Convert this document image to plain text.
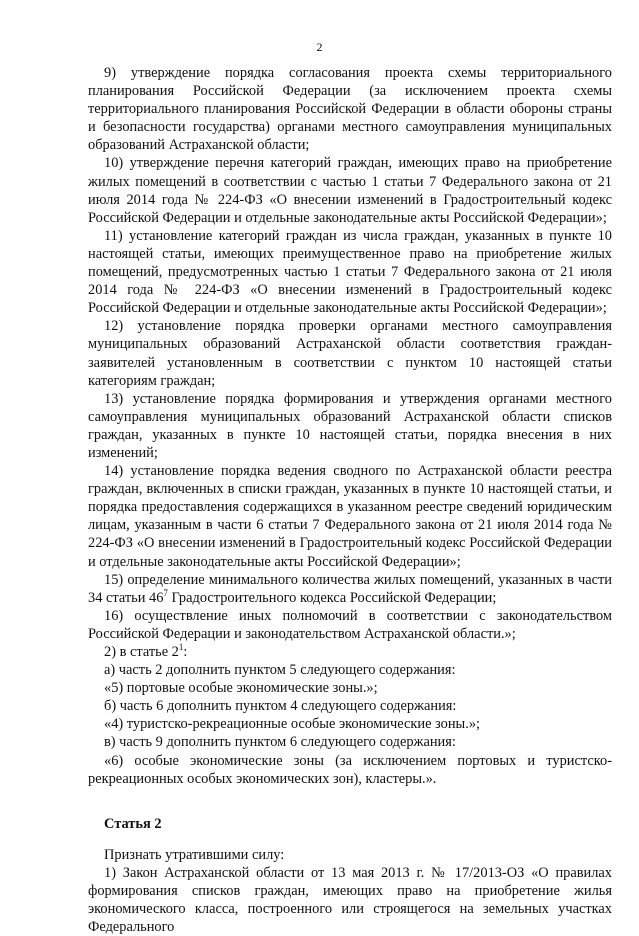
2

9) утверждение порядка согласования проекта схемы территориального планирования Российской Федерации (за исключением проекта схемы территориального планирования Российской Федерации в области обороны страны и безопасности государства) органами местного самоуправления муниципальных образований Астраханской области;

10) утверждение перечня категорий граждан, имеющих право на приобретение жилых помещений в соответствии с частью 1 статьи 7 Федерального закона от 21 июля 2014 года № 224-ФЗ «О внесении изменений в Градостроительный кодекс Российской Федерации и отдельные законодательные акты Российской Федерации»;

11) установление категорий граждан из числа граждан, указанных в пункте 10 настоящей статьи, имеющих преимущественное право на приобретение жилых помещений, предусмотренных частью 1 статьи 7 Федерального закона от 21 июля 2014 года № 224-ФЗ «О внесении изменений в Градостроительный кодекс Российской Федерации и отдельные законодательные акты Российской Федерации»;

12) установление порядка проверки органами местного самоуправления муниципальных образований Астраханской области соответствия граждан-заявителей установленным в соответствии с пунктом 10 настоящей статьи категориям граждан;

13) установление порядка формирования и утверждения органами местного самоуправления муниципальных образований Астраханской области списков граждан, указанных в пункте 10 настоящей статьи, порядка внесения в них изменений;

14) установление порядка ведения сводного по Астраханской области реестра граждан, включенных в списки граждан, указанных в пункте 10 настоящей статьи, и порядка предоставления содержащихся в указанном реестре сведений юридическим лицам, указанным в части 6 статьи 7 Федерального закона от 21 июля 2014 года № 224-ФЗ «О внесении изменений в Градостроительный кодекс Российской Федерации и отдельные законодательные акты Российской Федерации»;

15) определение минимального количества жилых помещений, указанных в части 34 статьи $46^7$ Градостроительного кодекса Российской Федерации;

16) осуществление иных полномочий в соответствии с законодательством Российской Федерации и законодательством Астраханской области.»;

2) в статье $2^1$:

а) часть 2 дополнить пунктом 5 следующего содержания:

«5) портовые особые экономические зоны.»;

б) часть 6 дополнить пунктом 4 следующего содержания:

«4) туристско-рекреационные особые экономические зоны.»;

в) часть 9 дополнить пунктом 6 следующего содержания:

«6) особые экономические зоны (за исключением портовых и туристско-рекреационных особых экономических зон), кластеры.».

Статья 2

Признать утратившими силу:

1) Закон Астраханской области от 13 мая 2013 г. № 17/2013-ОЗ «О правилах формирования списков граждан, имеющих право на приобретение жилья экономического класса, построенного или строящегося на земельных участках Федерального
